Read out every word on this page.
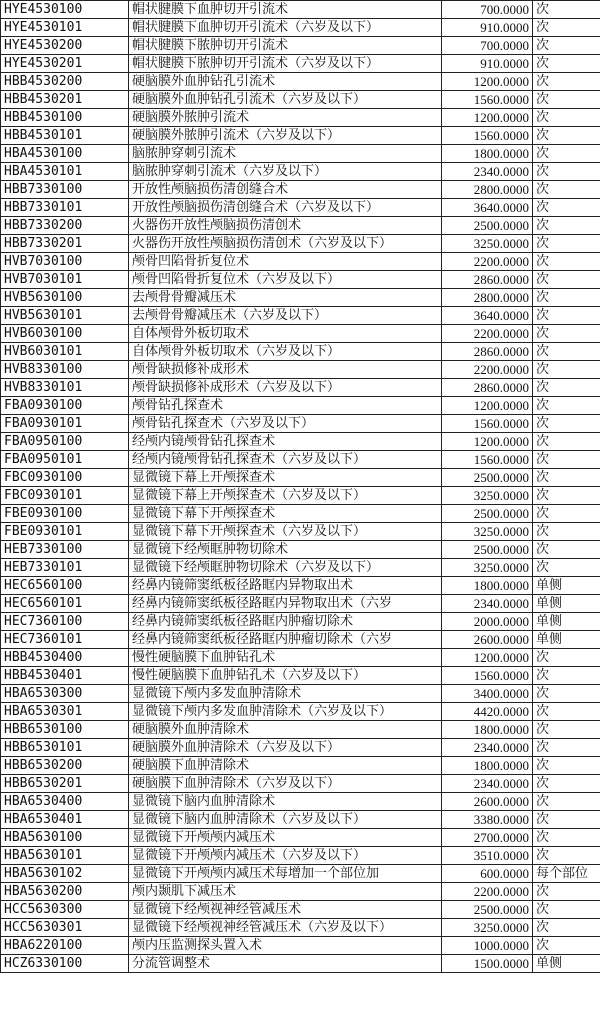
HYE4530100	帽状腱膜下血肿切开引流术	700.0000	次
HYE4530101	帽状腱膜下血肿切开引流术（六岁及以下）	910.0000	次
HYE4530200	帽状腱膜下脓肿切开引流术	700.0000	次
HYE4530201	帽状腱膜下脓肿切开引流术（六岁及以下）	910.0000	次
HBB4530200	硬脑膜外血肿钻孔引流术	1200.0000	次
HBB4530201	硬脑膜外血肿钻孔引流术（六岁及以下）	1560.0000	次
HBB4530100	硬脑膜外脓肿引流术	1200.0000	次
HBB4530101	硬脑膜外脓肿引流术（六岁及以下）	1560.0000	次
HBA4530100	脑脓肿穿刺引流术	1800.0000	次
HBA4530101	脑脓肿穿刺引流术（六岁及以下）	2340.0000	次
HBB7330100	开放性颅脑损伤清创缝合术	2800.0000	次
HBB7330101	开放性颅脑损伤清创缝合术（六岁及以下）	3640.0000	次
HBB7330200	火器伤开放性颅脑损伤清创术	2500.0000	次
HBB7330201	火器伤开放性颅脑损伤清创术（六岁及以下）	3250.0000	次
HVB7030100	颅骨凹陷骨折复位术	2200.0000	次
HVB7030101	颅骨凹陷骨折复位术（六岁及以下）	2860.0000	次
HVB5630100	去颅骨骨瓣减压术	2800.0000	次
HVB5630101	去颅骨骨瓣减压术（六岁及以下）	3640.0000	次
HVB6030100	自体颅骨外板切取术	2200.0000	次
HVB6030101	自体颅骨外板切取术（六岁及以下）	2860.0000	次
HVB8330100	颅骨缺损修补成形术	2200.0000	次
HVB8330101	颅骨缺损修补成形术（六岁及以下）	2860.0000	次
FBA0930100	颅骨钻孔探查术	1200.0000	次
FBA0930101	颅骨钻孔探查术（六岁及以下）	1560.0000	次
FBA0950100	经颅内镜颅骨钻孔探查术	1200.0000	次
FBA0950101	经颅内镜颅骨钻孔探查术（六岁及以下）	1560.0000	次
FBC0930100	显微镜下幕上开颅探查术	2500.0000	次
FBC0930101	显微镜下幕上开颅探查术（六岁及以下）	3250.0000	次
FBE0930100	显微镜下幕下开颅探查术	2500.0000	次
FBE0930101	显微镜下幕下开颅探查术（六岁及以下）	3250.0000	次
HEB7330100	显微镜下经颅眶肿物切除术	2500.0000	次
HEB7330101	显微镜下经颅眶肿物切除术（六岁及以下）	3250.0000	次
HEC6560100	经鼻内镜筛窦纸板径路眶内异物取出术	1800.0000	单侧
HEC6560101	经鼻内镜筛窦纸板径路眶内异物取出术（六岁	2340.0000	单侧
HEC7360100	经鼻内镜筛窦纸板径路眶内肿瘤切除术	2000.0000	单侧
HEC7360101	经鼻内镜筛窦纸板径路眶内肿瘤切除术（六岁	2600.0000	单侧
HBB4530400	慢性硬脑膜下血肿钻孔术	1200.0000	次
HBB4530401	慢性硬脑膜下血肿钻孔术（六岁及以下）	1560.0000	次
HBA6530300	显微镜下颅内多发血肿清除术	3400.0000	次
HBA6530301	显微镜下颅内多发血肿清除术（六岁及以下）	4420.0000	次
HBB6530100	硬脑膜外血肿清除术	1800.0000	次
HBB6530101	硬脑膜外血肿清除术（六岁及以下）	2340.0000	次
HBB6530200	硬脑膜下血肿清除术	1800.0000	次
HBB6530201	硬脑膜下血肿清除术（六岁及以下）	2340.0000	次
HBA6530400	显微镜下脑内血肿清除术	2600.0000	次
HBA6530401	显微镜下脑内血肿清除术（六岁及以下）	3380.0000	次
HBA5630100	显微镜下开颅颅内减压术	2700.0000	次
HBA5630101	显微镜下开颅颅内减压术（六岁及以下）	3510.0000	次
HBA5630102	显微镜下开颅颅内减压术每增加一个部位加	600.0000	每个部位
HBA5630200	颅内颞肌下减压术	2200.0000	次
HCC5630300	显微镜下经颅视神经管减压术	2500.0000	次
HCC5630301	显微镜下经颅视神经管减压术（六岁及以下）	3250.0000	次
HBA6220100	颅内压监测探头置入术	1000.0000	次
HCZ6330100	分流管调整术	1500.0000	单侧
